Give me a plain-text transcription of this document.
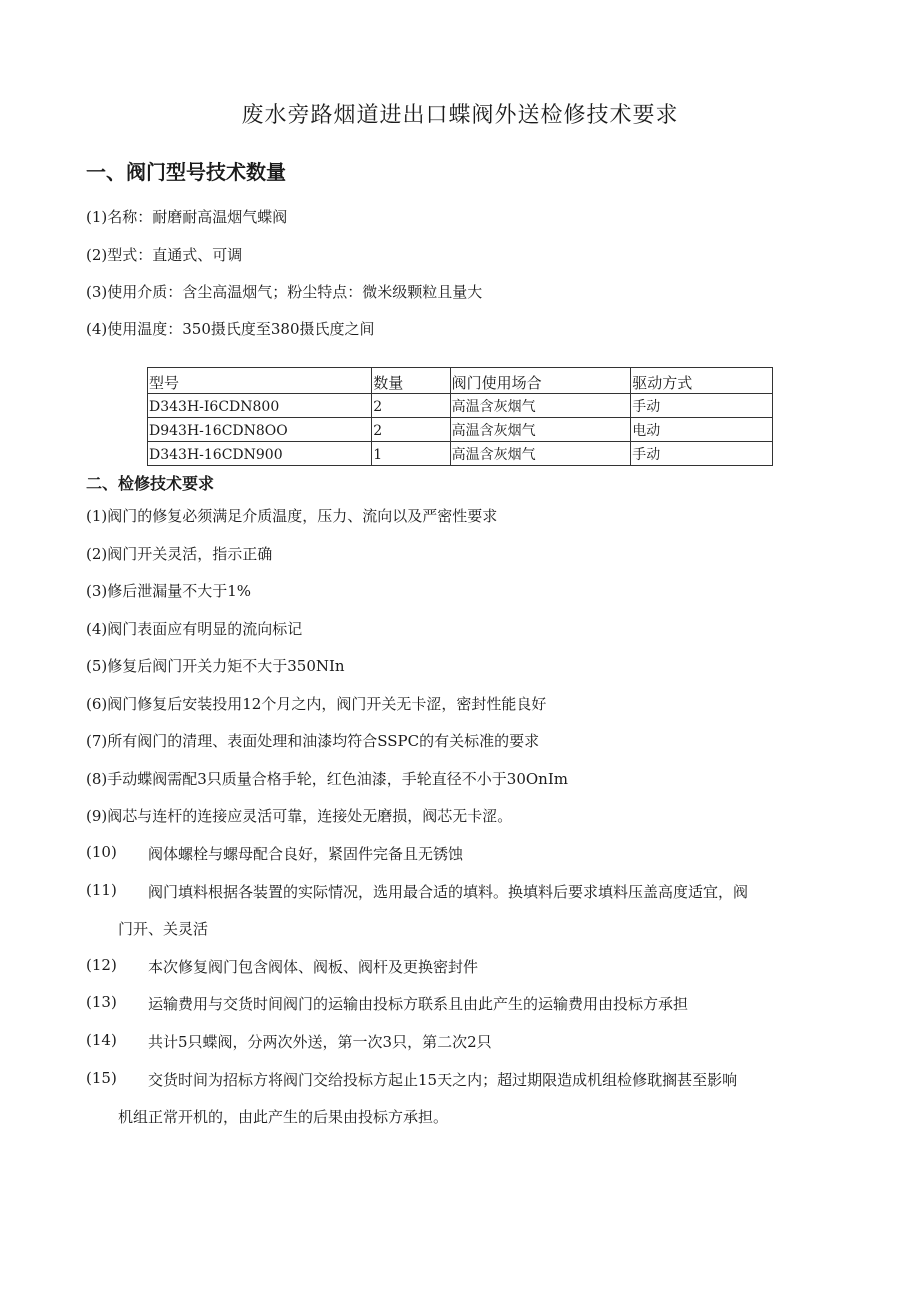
废水旁路烟道进出口蝶阀外送检修技术要求
一、阀门型号技术数量

(1)名称：耐磨耐高温烟气蝶阀

(2)型式：直通式、可调

(3)使用介质：含尘高温烟气；粉尘特点：微米级颗粒且量大

(4)使用温度：350摄氏度至380摄氏度之间

型号	数量	阀门使用场合	驱动方式
D343H-I6CDN800	2	高温含灰烟气	手动
D943H-16CDN8OO	2	高温含灰烟气	电动
D343H-16CDN900	1	高温含灰烟气	手动
二、检修技术要求

(1)阀门的修复必须满足介质温度，压力、流向以及严密性要求

(2)阀门开关灵活，指示正确

(3)修后泄漏量不大于1%

(4)阀门表面应有明显的流向标记

(5)修复后阀门开关力矩不大于350NIn

(6)阀门修复后安装投用12个月之内，阀门开关无卡涩，密封性能良好

(7)所有阀门的清理、表面处理和油漆均符合SSPC的有关标准的要求

(8)手动蝶阀需配3只质量合格手轮，红色油漆，手轮直径不小于30OnIm

(9)阀芯与连杆的连接应灵活可靠，连接处无磨损，阀芯无卡涩。

(10) 阀体螺栓与螺母配合良好，紧固件完备且无锈蚀

(11) 阀门填料根据各装置的实际情况，选用最合适的填料。换填料后要求填料压盖高度适宜，阀

门开、关灵活

(12) 本次修复阀门包含阀体、阀板、阀杆及更换密封件

(13) 运输费用与交货时间阀门的运输由投标方联系且由此产生的运输费用由投标方承担

(14) 共计5只蝶阀，分两次外送，第一次3只，第二次2只

(15) 交货时间为招标方将阀门交给投标方起止15天之内；超过期限造成机组检修耽搁甚至影响

机组正常开机的，由此产生的后果由投标方承担。
